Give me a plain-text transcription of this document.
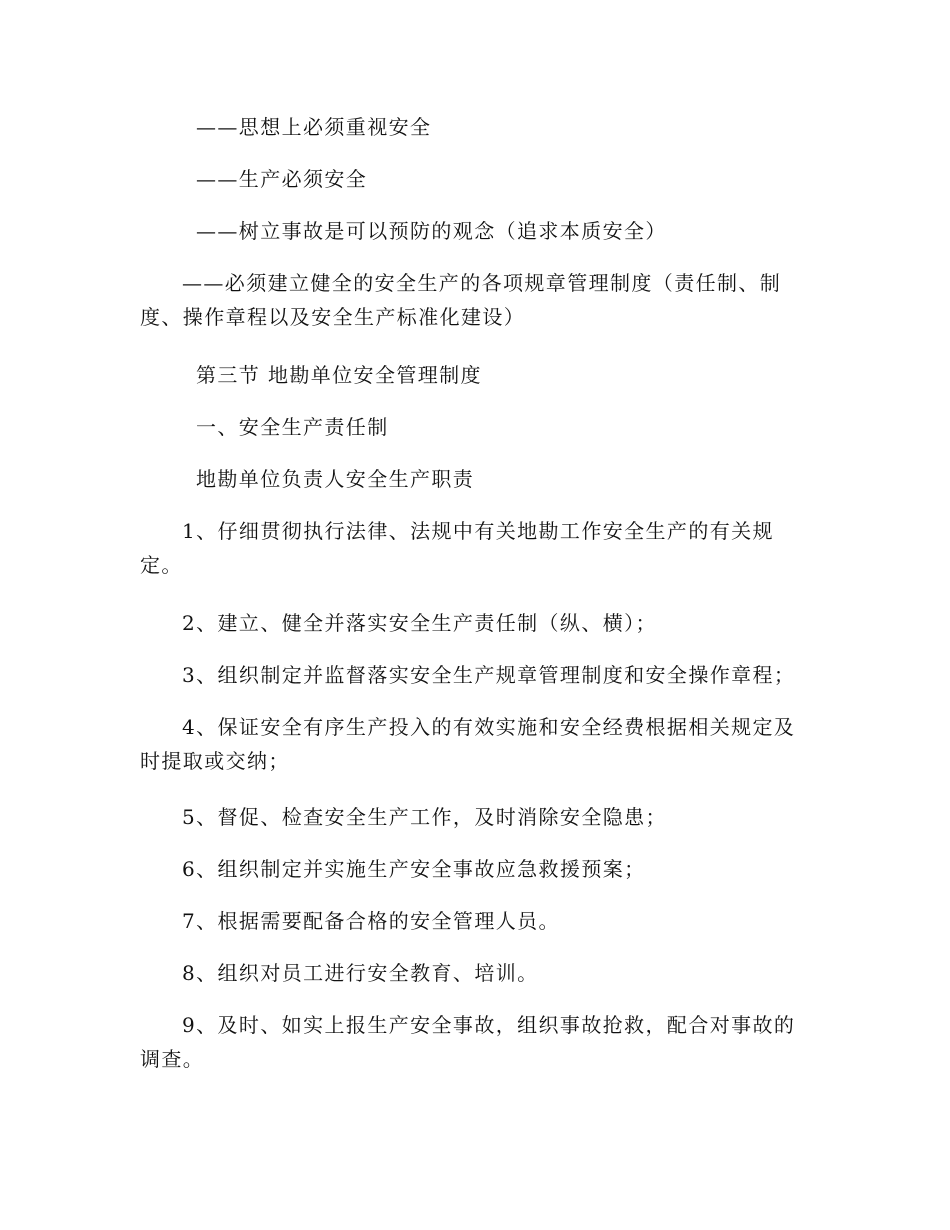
——思想上必须重视安全
——生产必须安全
——树立事故是可以预防的观念（追求本质安全）
——必须建立健全的安全生产的各项规章管理制度（责任制、制度、操作章程以及安全生产标准化建设）
第三节 地勘单位安全管理制度
一、安全生产责任制
地勘单位负责人安全生产职责
1、仔细贯彻执行法律、法规中有关地勘工作安全生产的有关规定。
2、建立、健全并落实安全生产责任制（纵、横）；
3、组织制定并监督落实安全生产规章管理制度和安全操作章程；
4、保证安全有序生产投入的有效实施和安全经费根据相关规定及时提取或交纳；
5、督促、检查安全生产工作，及时消除安全隐患；
6、组织制定并实施生产安全事故应急救援预案；
7、根据需要配备合格的安全管理人员。
8、组织对员工进行安全教育、培训。
9、及时、如实上报生产安全事故，组织事故抢救，配合对事故的调查。
